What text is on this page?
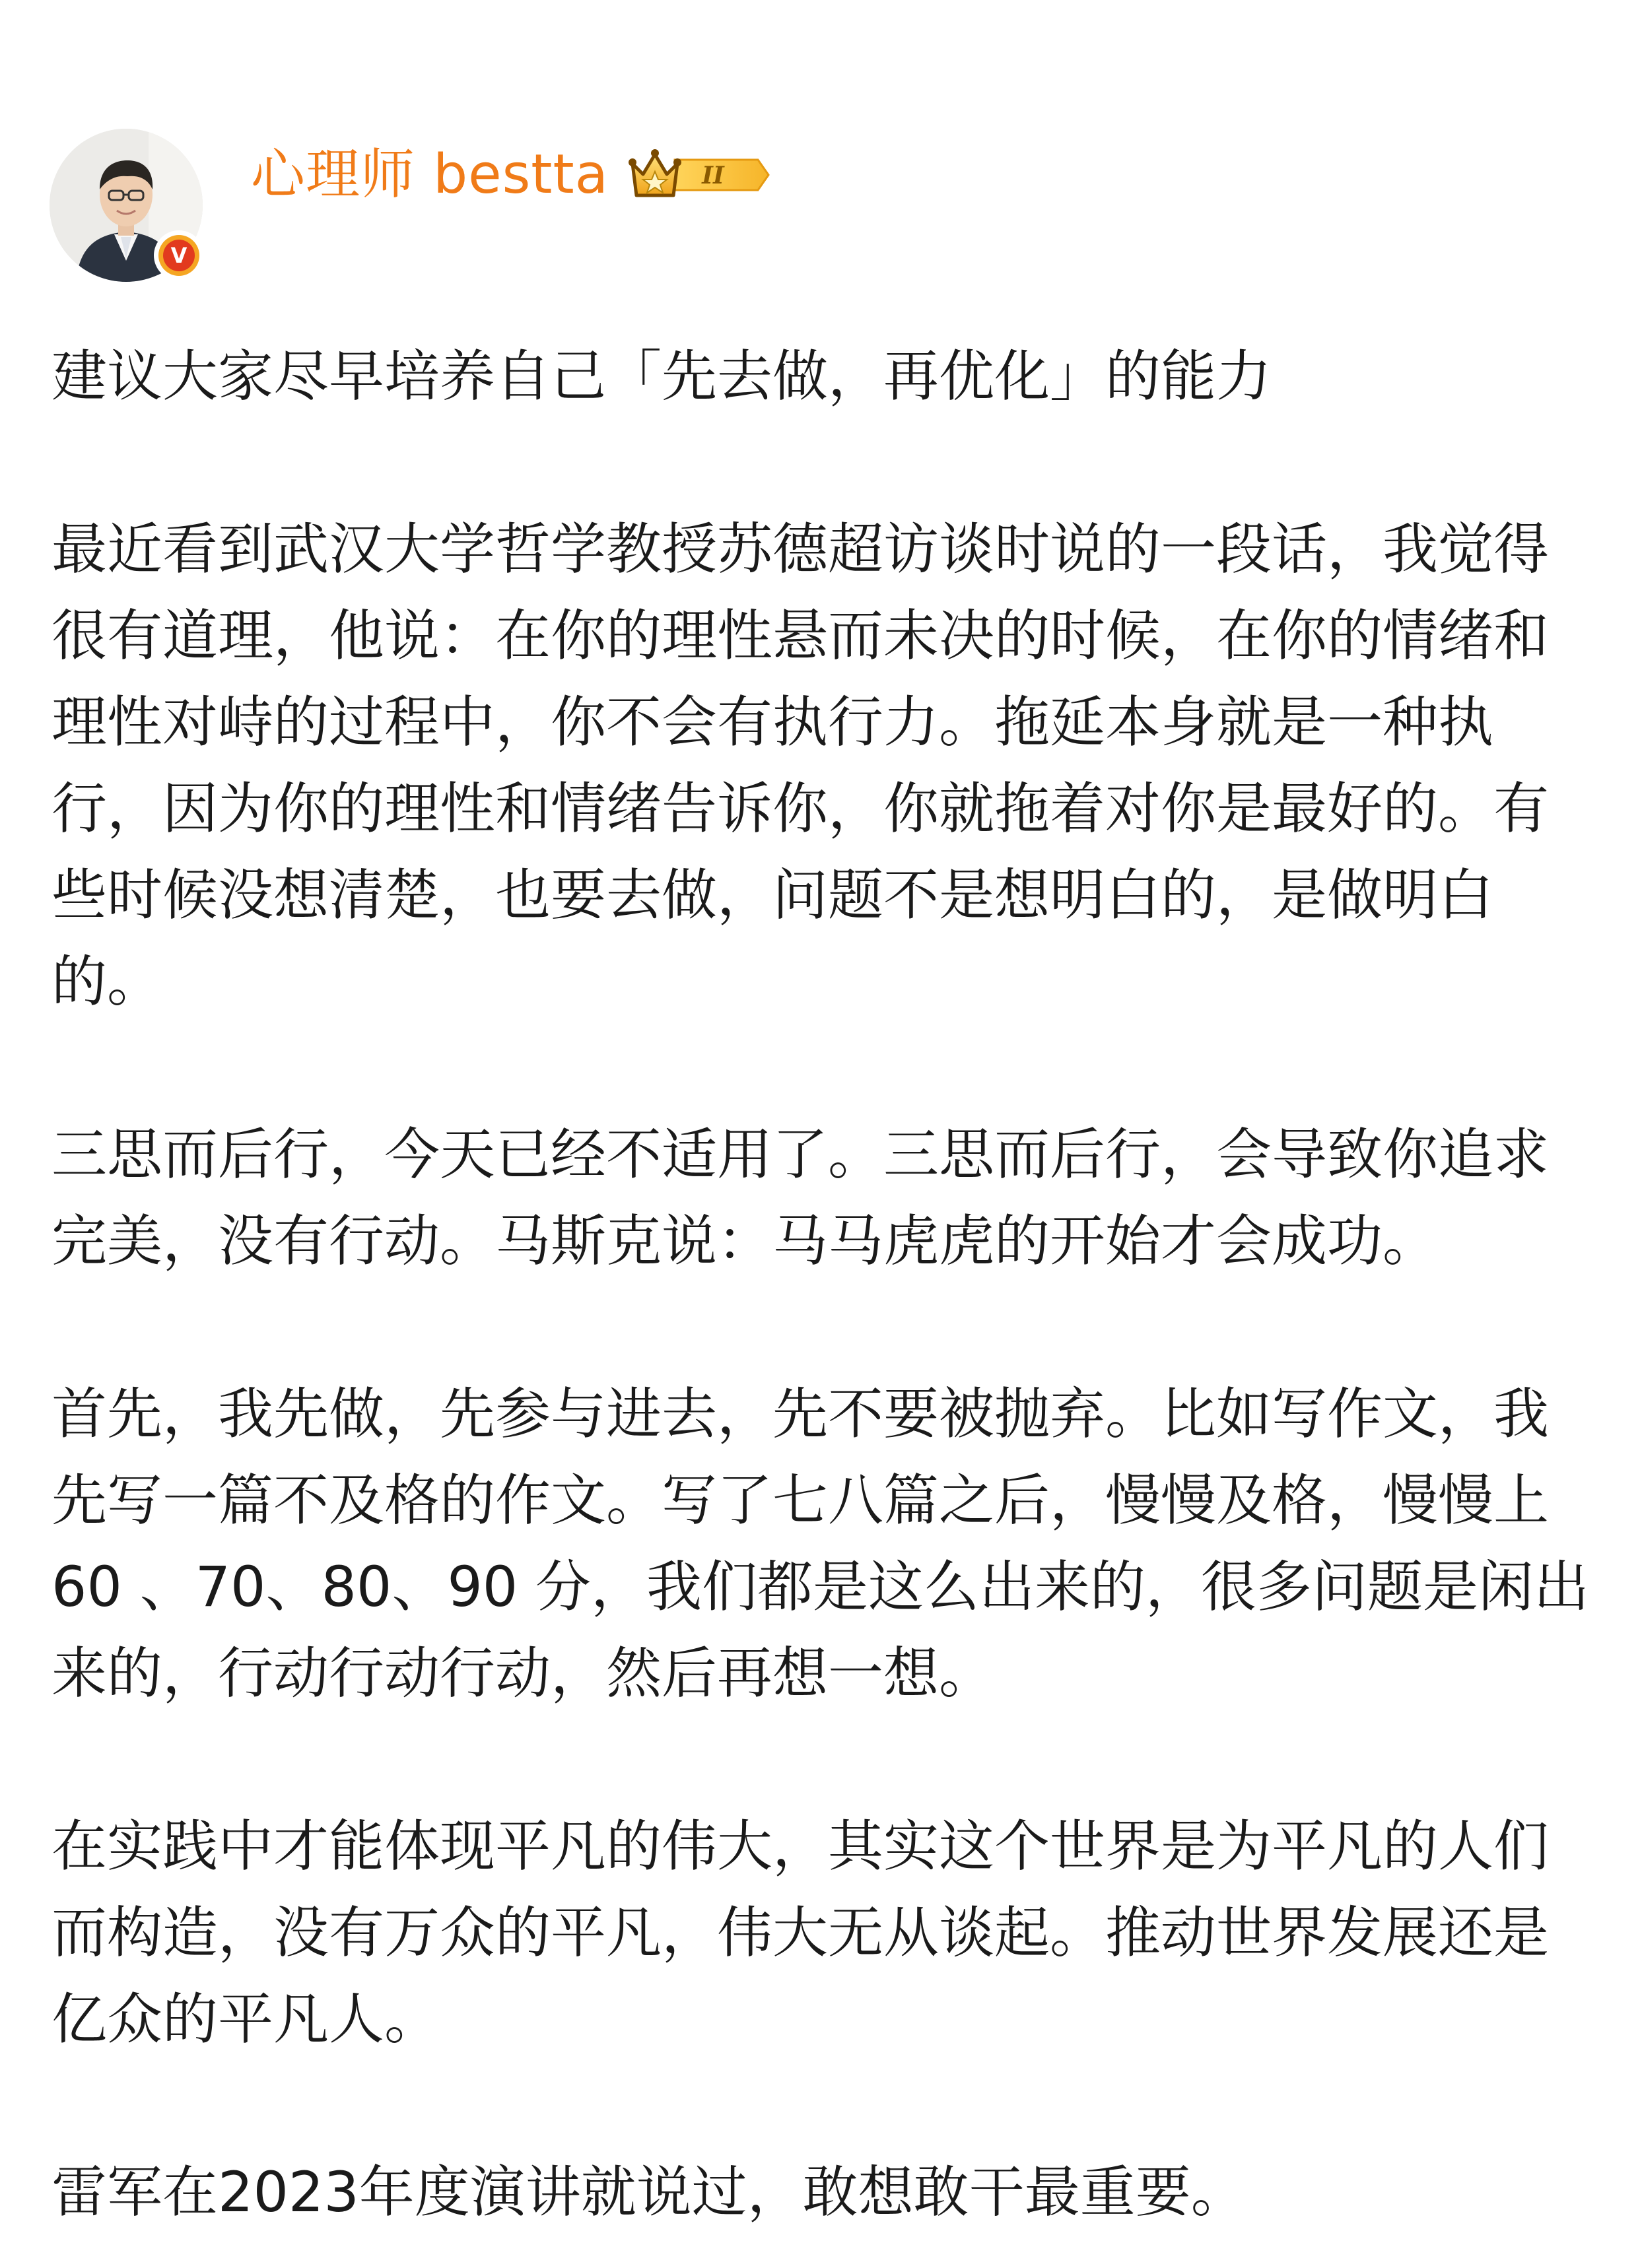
V
心理师 bestta	II

建议大家尽早培养自己「先去做，再优化」的能力

最近看到武汉大学哲学教授苏德超访谈时说的一段话，我觉得很有道理，他说：在你的理性悬而未决的时候，在你的情绪和理性对峙的过程中，你不会有执行力。拖延本身就是一种执行，因为你的理性和情绪告诉你，你就拖着对你是最好的。有些时候没想清楚，也要去做，问题不是想明白的，是做明白的。

三思而后行，今天已经不适用了。三思而后行，会导致你追求完美，没有行动。马斯克说：马马虎虎的开始才会成功。

首先，我先做，先参与进去，先不要被抛弃。比如写作文，我先写一篇不及格的作文。写了七八篇之后，慢慢及格，慢慢上 60 、70、80、90 分，我们都是这么出来的，很多问题是闲出来的，行动行动行动，然后再想一想。

在实践中才能体现平凡的伟大，其实这个世界是为平凡的人们而构造，没有万众的平凡，伟大无从谈起。推动世界发展还是亿众的平凡人。

雷军在2023年度演讲就说过，敢想敢干最重要。
